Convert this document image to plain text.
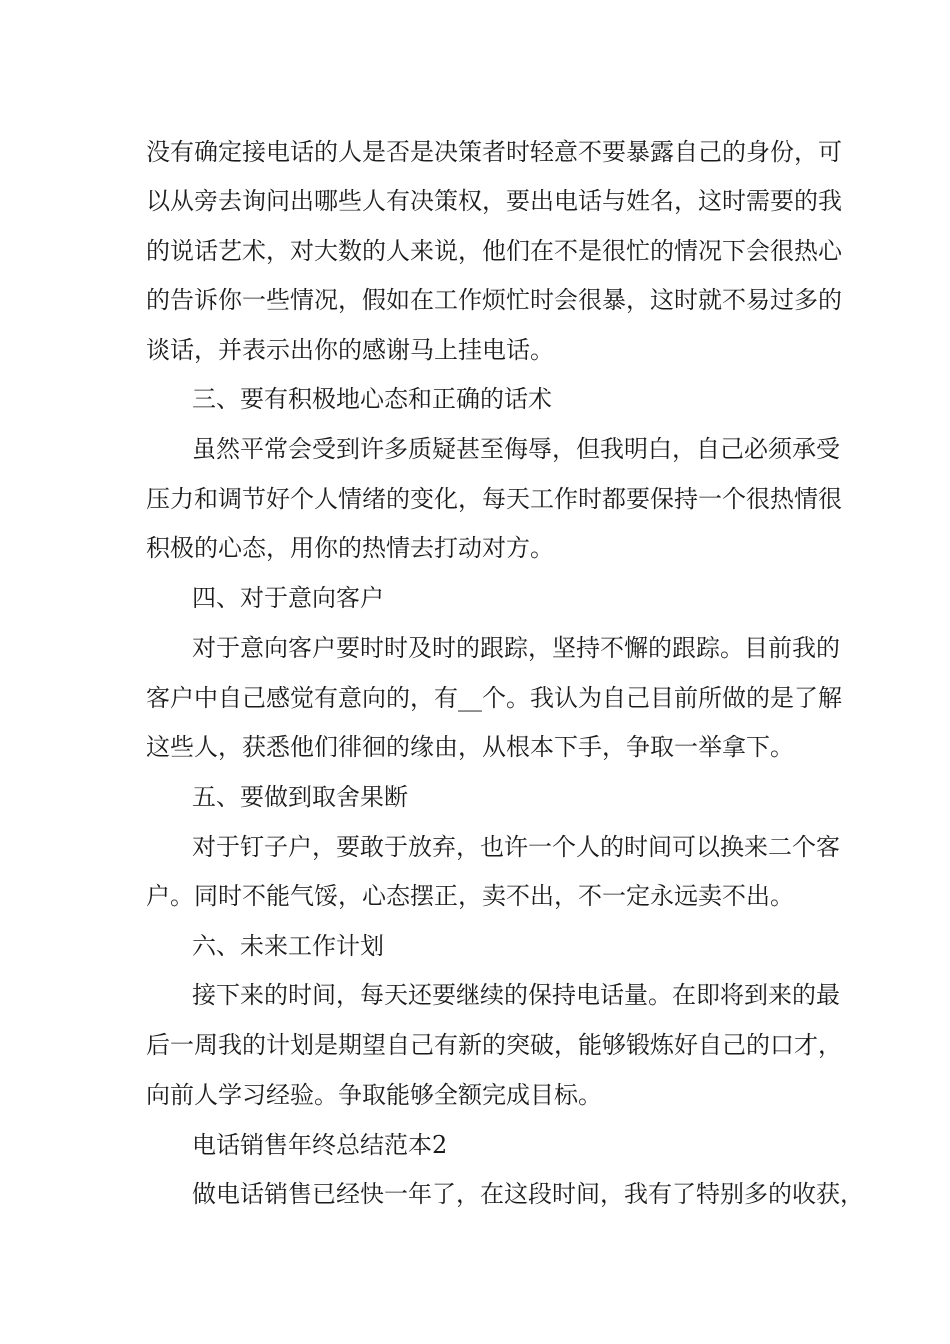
没有确定接电话的人是否是决策者时轻意不要暴露自己的身份，可
以从旁去询问出哪些人有决策权，要出电话与姓名，这时需要的我
的说话艺术，对大数的人来说，他们在不是很忙的情况下会很热心
的告诉你一些情况，假如在工作烦忙时会很暴，这时就不易过多的
谈话，并表示出你的感谢马上挂电话。
三、要有积极地心态和正确的话术
虽然平常会受到许多质疑甚至侮辱，但我明白，自己必须承受
压力和调节好个人情绪的变化，每天工作时都要保持一个很热情很
积极的心态，用你的热情去打动对方。
四、对于意向客户
对于意向客户要时时及时的跟踪，坚持不懈的跟踪。目前我的
客户中自己感觉有意向的，有__个。我认为自己目前所做的是了解
这些人，获悉他们徘徊的缘由，从根本下手，争取一举拿下。
五、要做到取舍果断
对于钉子户，要敢于放弃，也许一个人的时间可以换来二个客
户。同时不能气馁，心态摆正，卖不出，不一定永远卖不出。
六、未来工作计划
接下来的时间，每天还要继续的保持电话量。在即将到来的最
后一周我的计划是期望自己有新的突破，能够锻炼好自己的口才，
向前人学习经验。争取能够全额完成目标。
电话销售年终总结范本2
做电话销售已经快一年了，在这段时间，我有了特别多的收获，
